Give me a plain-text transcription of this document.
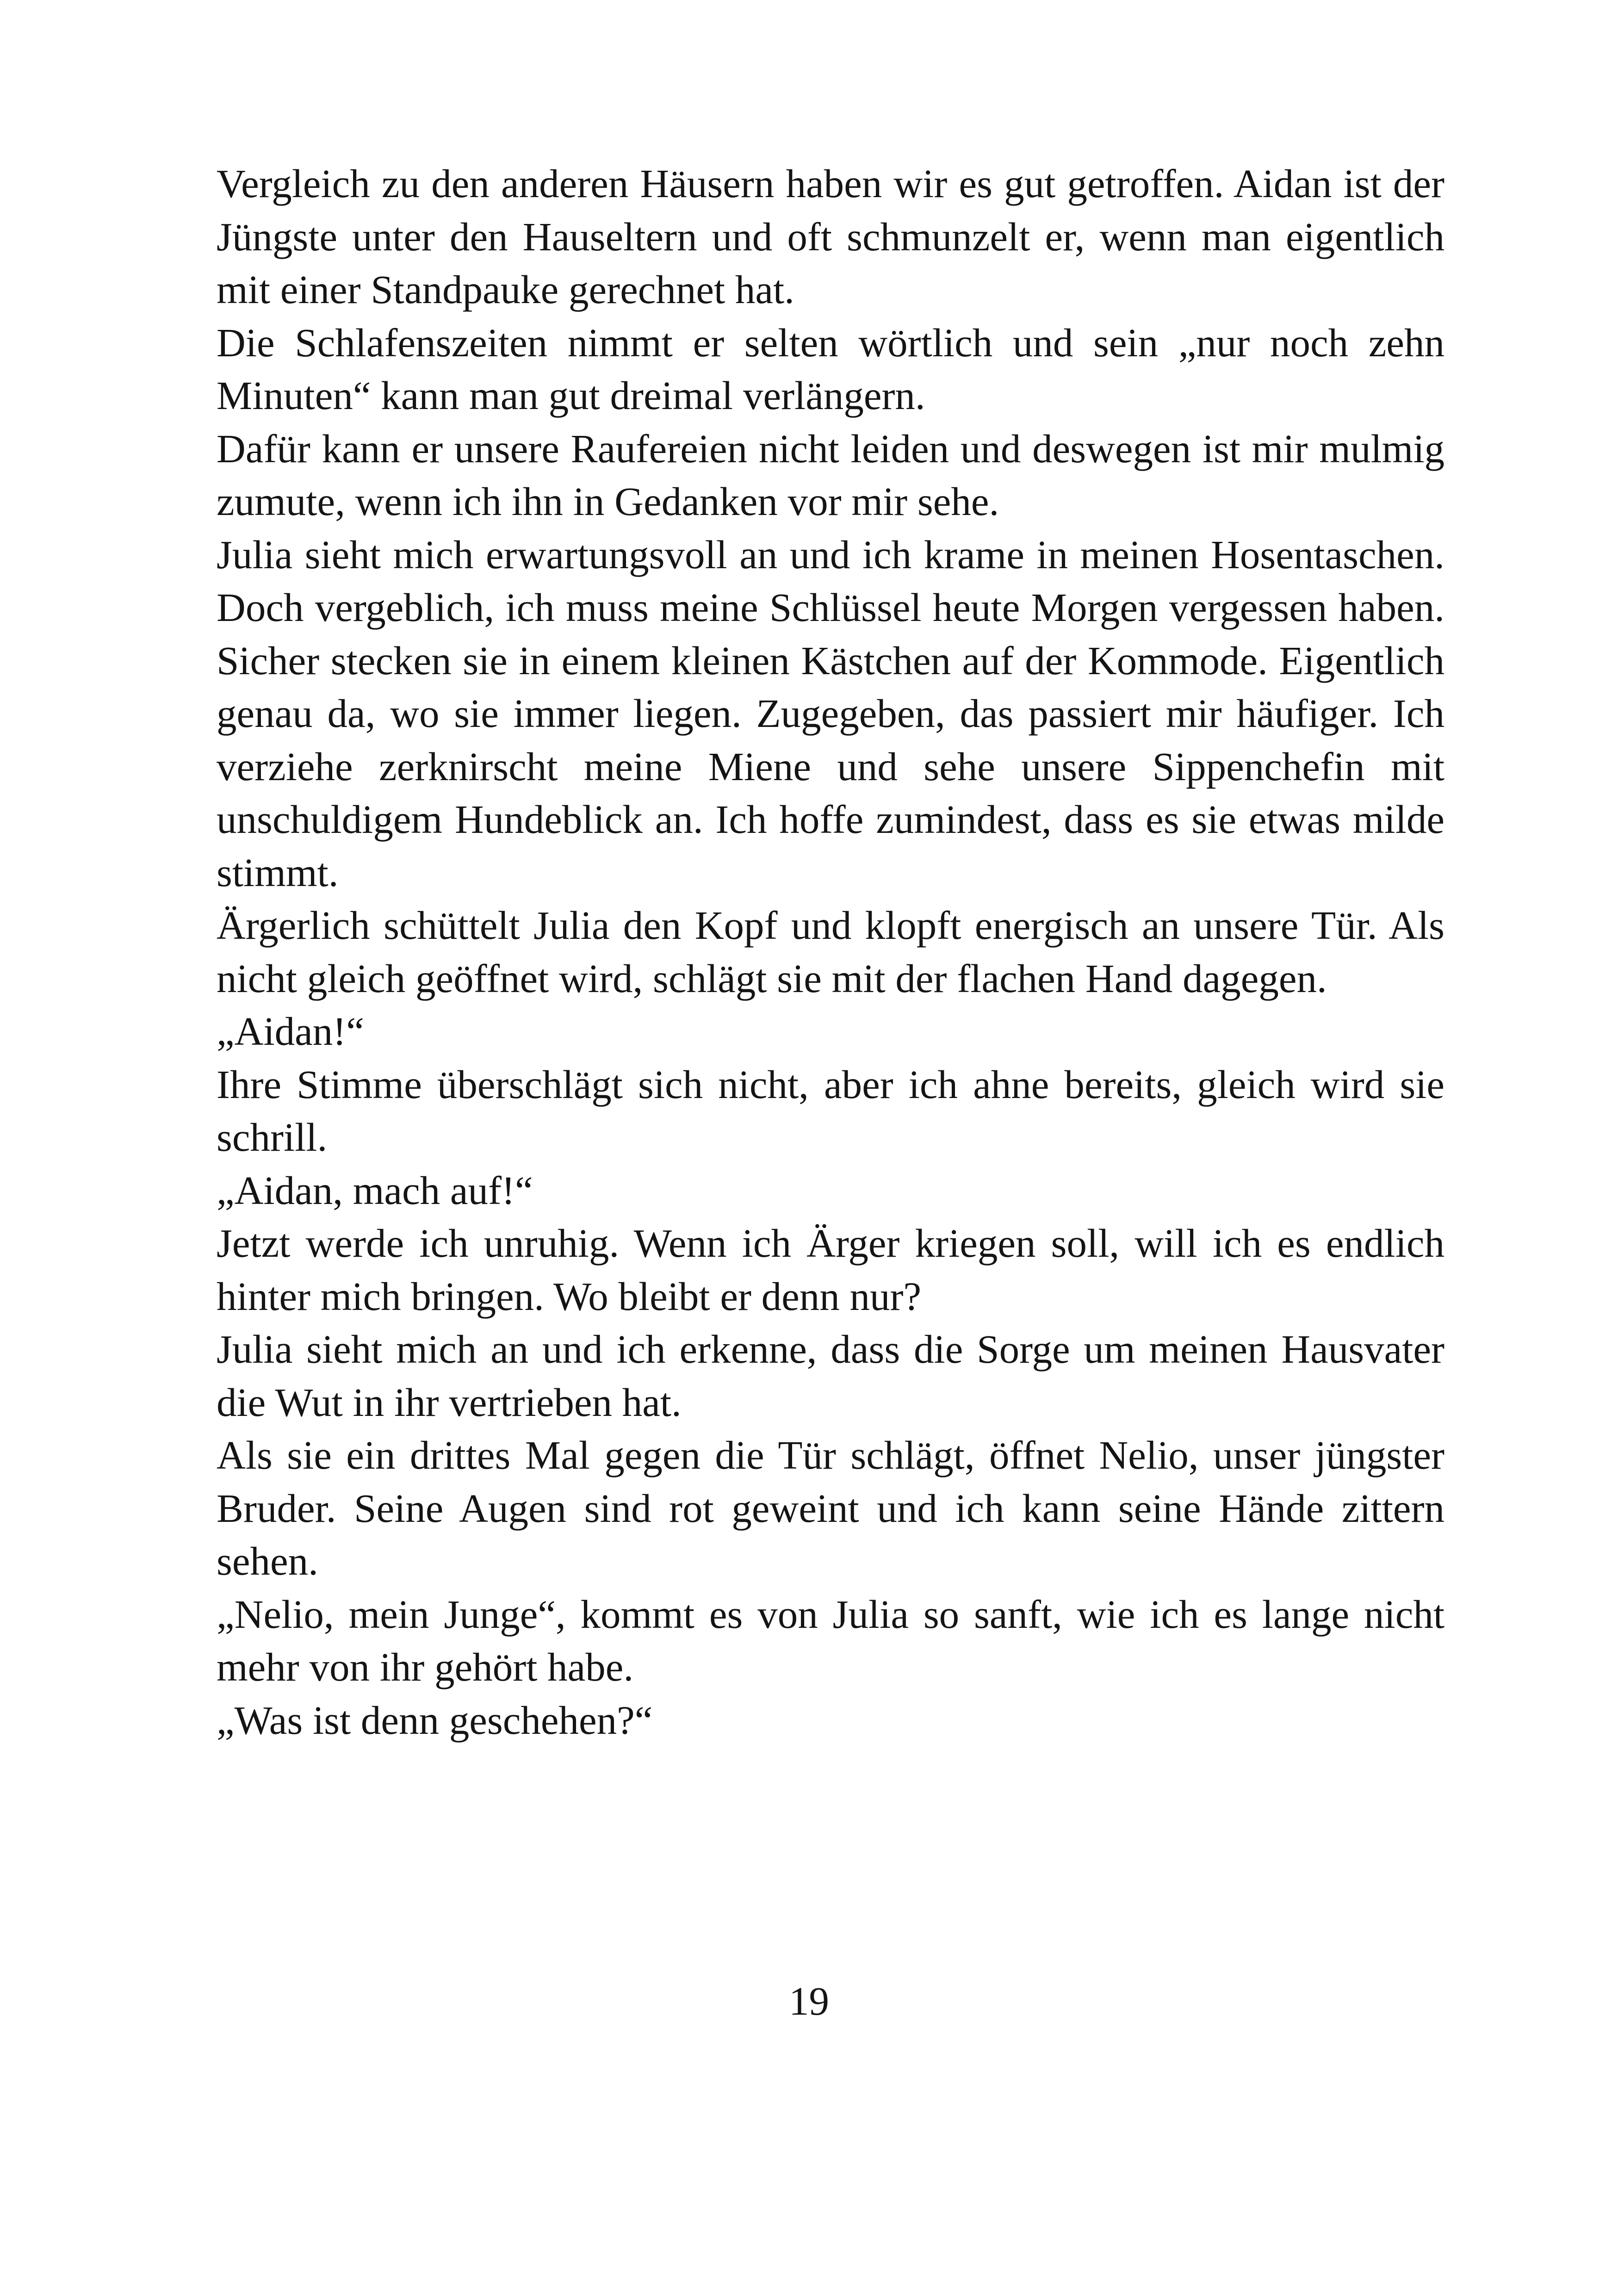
Vergleich zu den anderen Häusern haben wir es gut getroffen. Aidan ist der Jüngste unter den Hauseltern und oft schmunzelt er, wenn man eigentlich mit einer Standpauke gerechnet hat.

Die Schlafenszeiten nimmt er selten wörtlich und sein „nur noch zehn Minuten“ kann man gut dreimal verlängern.

Dafür kann er unsere Raufereien nicht leiden und deswegen ist mir mulmig zumute, wenn ich ihn in Gedanken vor mir sehe.

Julia sieht mich erwartungsvoll an und ich krame in meinen Hosentaschen. Doch vergeblich, ich muss meine Schlüssel heute Morgen vergessen haben. Sicher stecken sie in einem kleinen Kästchen auf der Kommode. Eigentlich genau da, wo sie immer liegen. Zugegeben, das passiert mir häufiger. Ich verziehe zerknirscht meine Miene und sehe unsere Sippenchefin mit unschuldigem Hundeblick an. Ich hoffe zumindest, dass es sie etwas milde stimmt.

Ärgerlich schüttelt Julia den Kopf und klopft energisch an unsere Tür. Als nicht gleich geöffnet wird, schlägt sie mit der flachen Hand dagegen.

„Aidan!“

Ihre Stimme überschlägt sich nicht, aber ich ahne bereits, gleich wird sie schrill.

„Aidan, mach auf!“

Jetzt werde ich unruhig. Wenn ich Ärger kriegen soll, will ich es endlich hinter mich bringen. Wo bleibt er denn nur?

Julia sieht mich an und ich erkenne, dass die Sorge um meinen Hausvater die Wut in ihr vertrieben hat.

Als sie ein drittes Mal gegen die Tür schlägt, öffnet Nelio, unser jüngster Bruder. Seine Augen sind rot geweint und ich kann seine Hände zittern sehen.

„Nelio, mein Junge“, kommt es von Julia so sanft, wie ich es lange nicht mehr von ihr gehört habe.

„Was ist denn geschehen?“

19
